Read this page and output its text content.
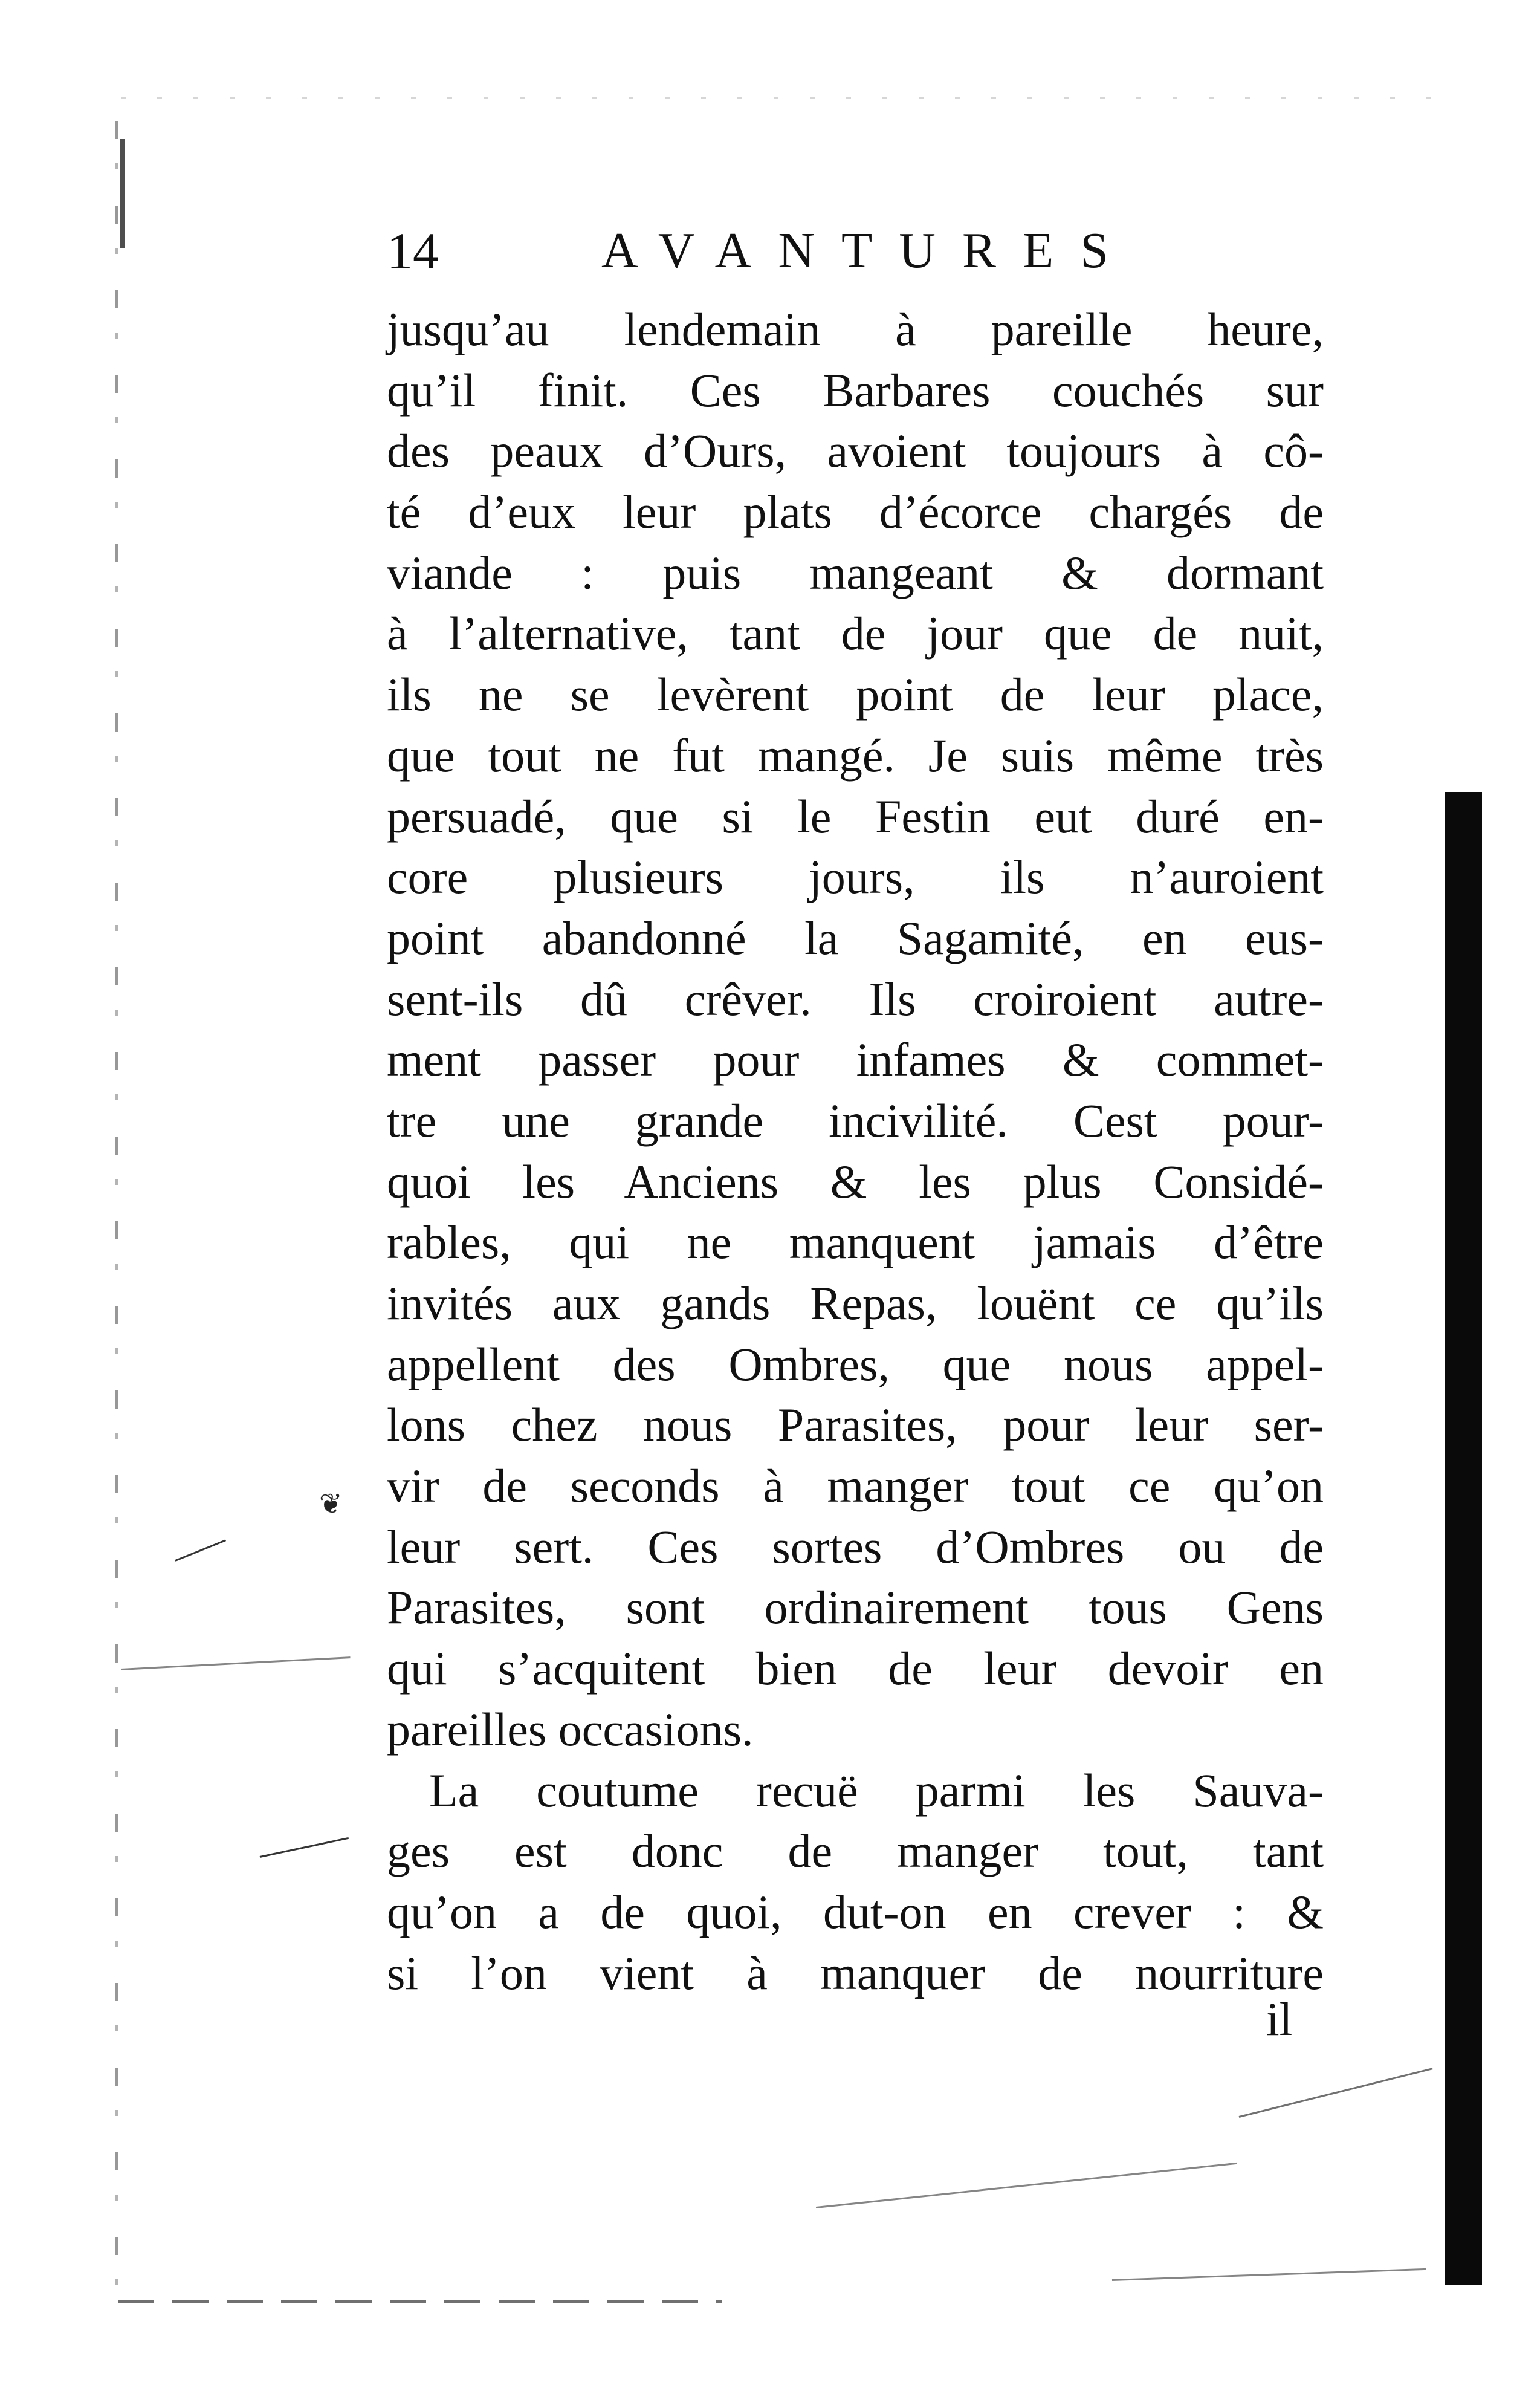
❦
14	AVANTURES
jusqu’au lendemain à pareille heure,
qu’il finit. Ces Barbares couchés sur
des peaux d’Ours, avoient toujours à cô-
té d’eux leur plats d’écorce chargés de
viande : puis mangeant & dormant
à l’alternative, tant de jour que de nuit,
ils ne se levèrent point de leur place,
que tout ne fut mangé. Je suis même très
persuadé, que si le Festin eut duré en-
core plusieurs jours, ils n’auroient
point abandonné la Sagamité, en eus-
sent-ils dû crêver. Ils croiroient autre-
ment passer pour infames & commet-
tre une grande incivilité. Cest pour-
quoi les Anciens & les plus Considé-
rables, qui ne manquent jamais d’être
invités aux gands Repas, louënt ce qu’ils
appellent des Ombres, que nous appel-
lons chez nous Parasites, pour leur ser-
vir de seconds à manger tout ce qu’on
leur sert. Ces sortes d’Ombres ou de
Parasites, sont ordinairement tous Gens
qui s’acquitent bien de leur devoir en
pareilles occasions.
La coutume recuë parmi les Sauva-
ges est donc de manger tout, tant
qu’on a de quoi, dut-on en crever : &
si l’on vient à manquer de nourriture
il
